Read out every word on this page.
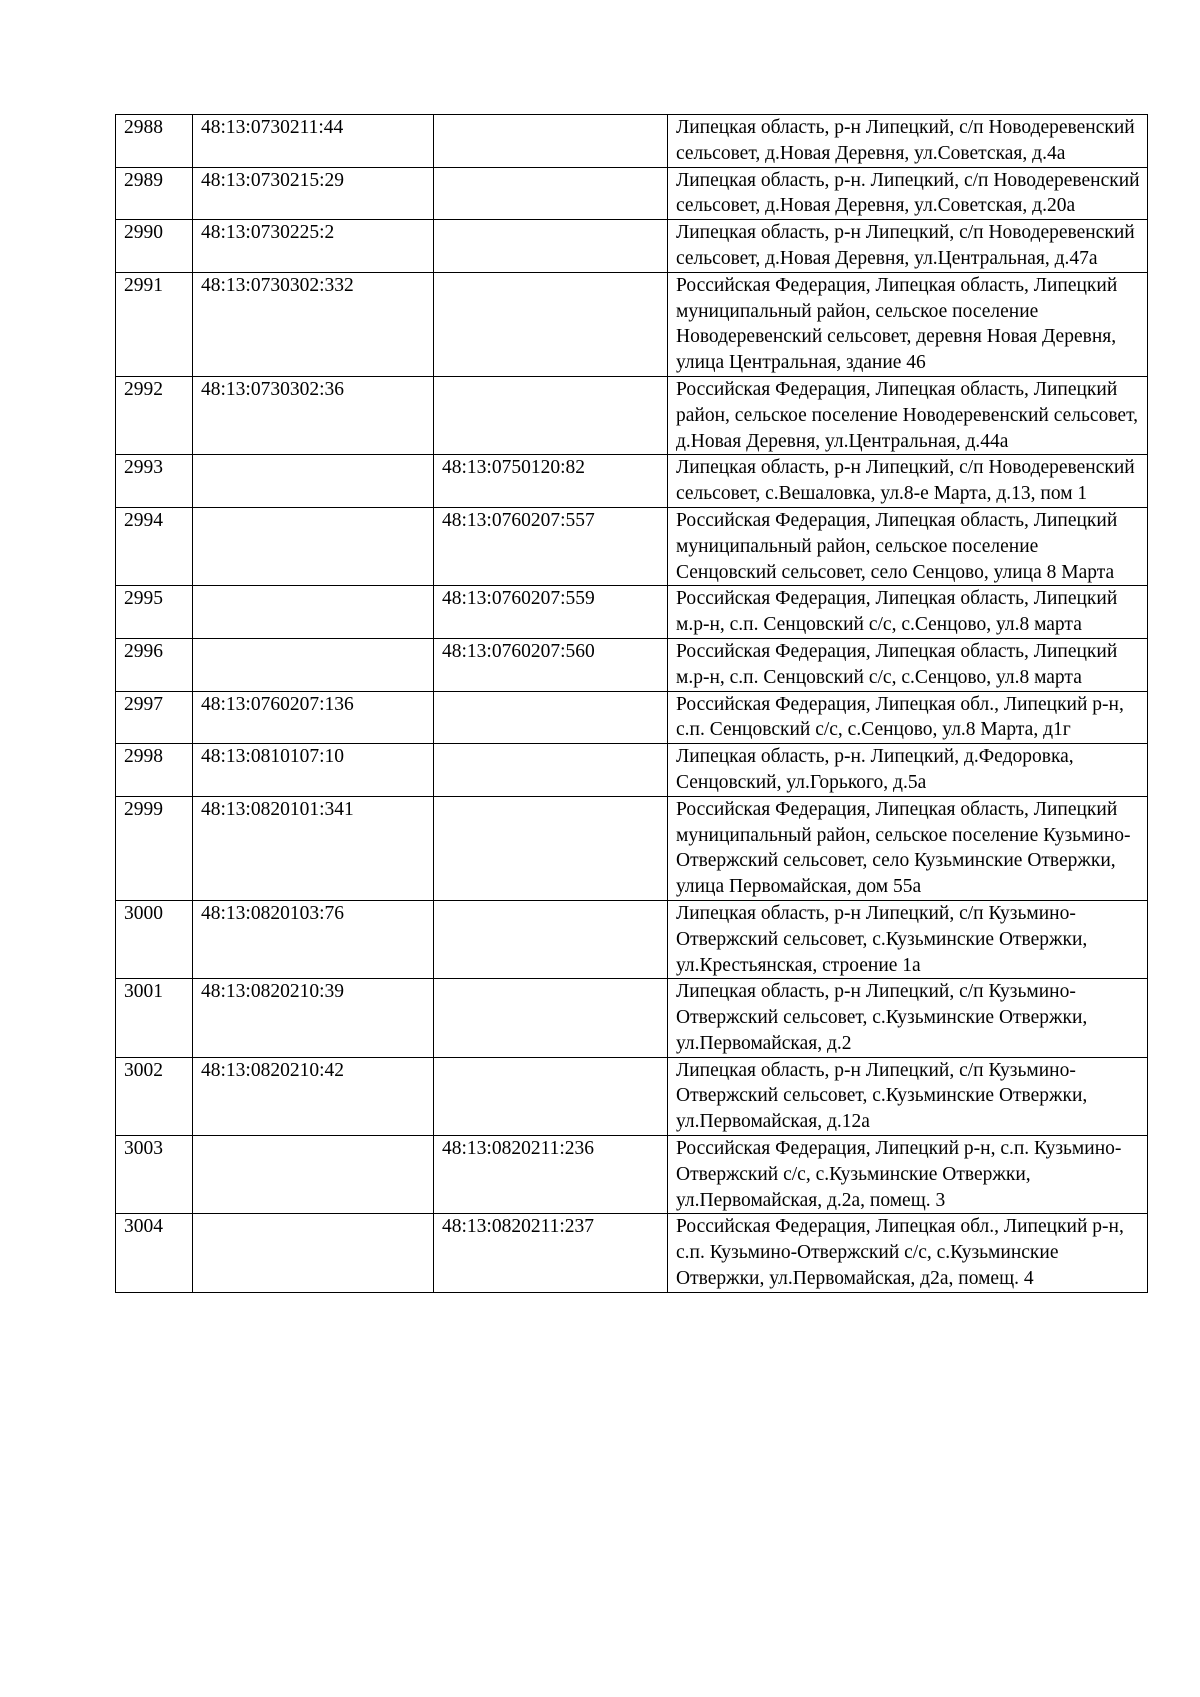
2988	48:13:0730211:44		Липецкая область, р-н Липецкий, с/п Новодеревенский сельсовет, д.Новая Деревня, ул.Советская, д.4а
2989	48:13:0730215:29		Липецкая область, р-н. Липецкий, с/п Новодеревенский сельсовет, д.Новая Деревня, ул.Советская, д.20а
2990	48:13:0730225:2		Липецкая область, р-н Липецкий, с/п Новодеревенский сельсовет, д.Новая Деревня, ул.Центральная, д.47а
2991	48:13:0730302:332		Российская Федерация, Липецкая область, Липецкий муниципальный район, сельское поселение Новодеревенский сельсовет, деревня Новая Деревня, улица Центральная, здание 46
2992	48:13:0730302:36		Российская Федерация, Липецкая область, Липецкий район, сельское поселение Новодеревенский сельсовет, д.Новая Деревня, ул.Центральная, д.44а
2993		48:13:0750120:82	Липецкая область, р-н Липецкий, с/п Новодеревенский сельсовет, с.Вешаловка, ул.8-е Марта, д.13, пом 1
2994		48:13:0760207:557	Российская Федерация, Липецкая область, Липецкий муниципальный район, сельское поселение Сенцовский сельсовет, село Сенцово, улица 8 Марта
2995		48:13:0760207:559	Российская Федерация, Липецкая область, Липецкий м.р-н, с.п. Сенцовский с/с, с.Сенцово, ул.8 марта
2996		48:13:0760207:560	Российская Федерация, Липецкая область, Липецкий м.р-н, с.п. Сенцовский с/с, с.Сенцово, ул.8 марта
2997	48:13:0760207:136		Российская Федерация, Липецкая обл., Липецкий р-н, с.п. Сенцовский с/с, с.Сенцово, ул.8 Марта, д1г
2998	48:13:0810107:10		Липецкая область, р-н. Липецкий, д.Федоровка, Сенцовский, ул.Горького, д.5а
2999	48:13:0820101:341		Российская Федерация, Липецкая область, Липецкий муниципальный район, сельское поселение Кузьмино-Отвержский сельсовет, село Кузьминские Отвержки, улица Первомайская, дом 55а
3000	48:13:0820103:76		Липецкая область, р-н Липецкий, с/п Кузьмино-Отвержский сельсовет, с.Кузьминские Отвержки, ул.Крестьянская, строение 1а
3001	48:13:0820210:39		Липецкая область, р-н Липецкий, с/п Кузьмино-Отвержский сельсовет, с.Кузьминские Отвержки, ул.Первомайская, д.2
3002	48:13:0820210:42		Липецкая область, р-н Липецкий, с/п Кузьмино-Отвержский сельсовет, с.Кузьминские Отвержки, ул.Первомайская, д.12а
3003		48:13:0820211:236	Российская Федерация, Липецкий р-н, с.п. Кузьмино-Отвержский с/с, с.Кузьминские Отвержки, ул.Первомайская, д.2а, помещ. 3
3004		48:13:0820211:237	Российская Федерация, Липецкая обл., Липецкий р-н, с.п. Кузьмино-Отвержский с/с, с.Кузьминские Отвержки, ул.Первомайская, д2а, помещ. 4
